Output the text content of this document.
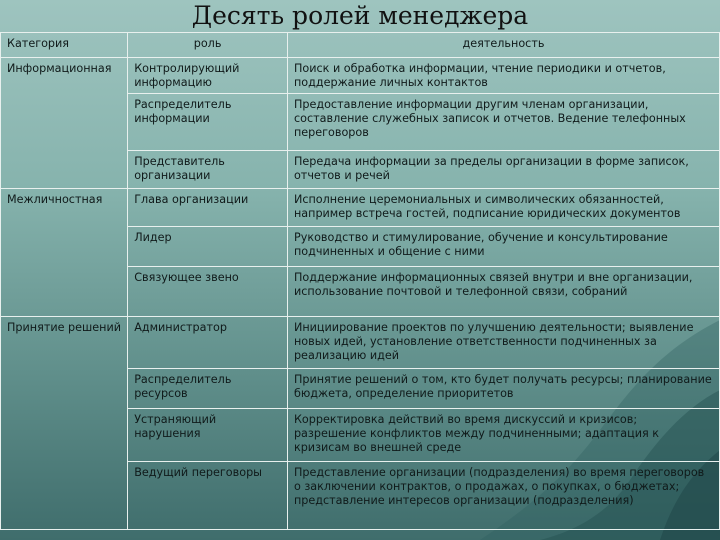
Десять ролей менеджера
Категория	роль	деятельность
Информационная	Контролирующий информацию	Поиск и обработка информации, чтение периодики и отчетов, поддержание личных контактов
	Распределитель информации	Предоставление информации другим членам организации, составление служебных записок и отчетов. Ведение телефонных переговоров
	Представитель организации	Передача информации за пределы организации в форме записок, отчетов и речей
Межличностная	Глава организации	Исполнение церемониальных и символических обязанностей, например встреча гостей, подписание юридических документов
	Лидер	Руководство и стимулирование, обучение и консультирование подчиненных и общение с ними
	Связующее звено	Поддержание информационных связей внутри и вне организации, использование почтовой и телефонной связи, собраний
Принятие решений	Администратор	Инициирование проектов по улучшению деятельности; выявление новых идей, установление ответственности подчиненных за реализацию идей
	Распределитель ресурсов	Принятие решений о том, кто будет получать ресурсы; планирование бюджета, определение приоритетов
	Устраняющий нарушения	Корректировка действий во время дискуссий и кризисов; разрешение конфликтов между подчиненными; адаптация к кризисам во внешней среде
	Ведущий переговоры	Представление организации (подразделения) во время переговоров о заключении контрактов, о продажах, о покупках, о бюджетах; представление интересов организации (подразделения)
